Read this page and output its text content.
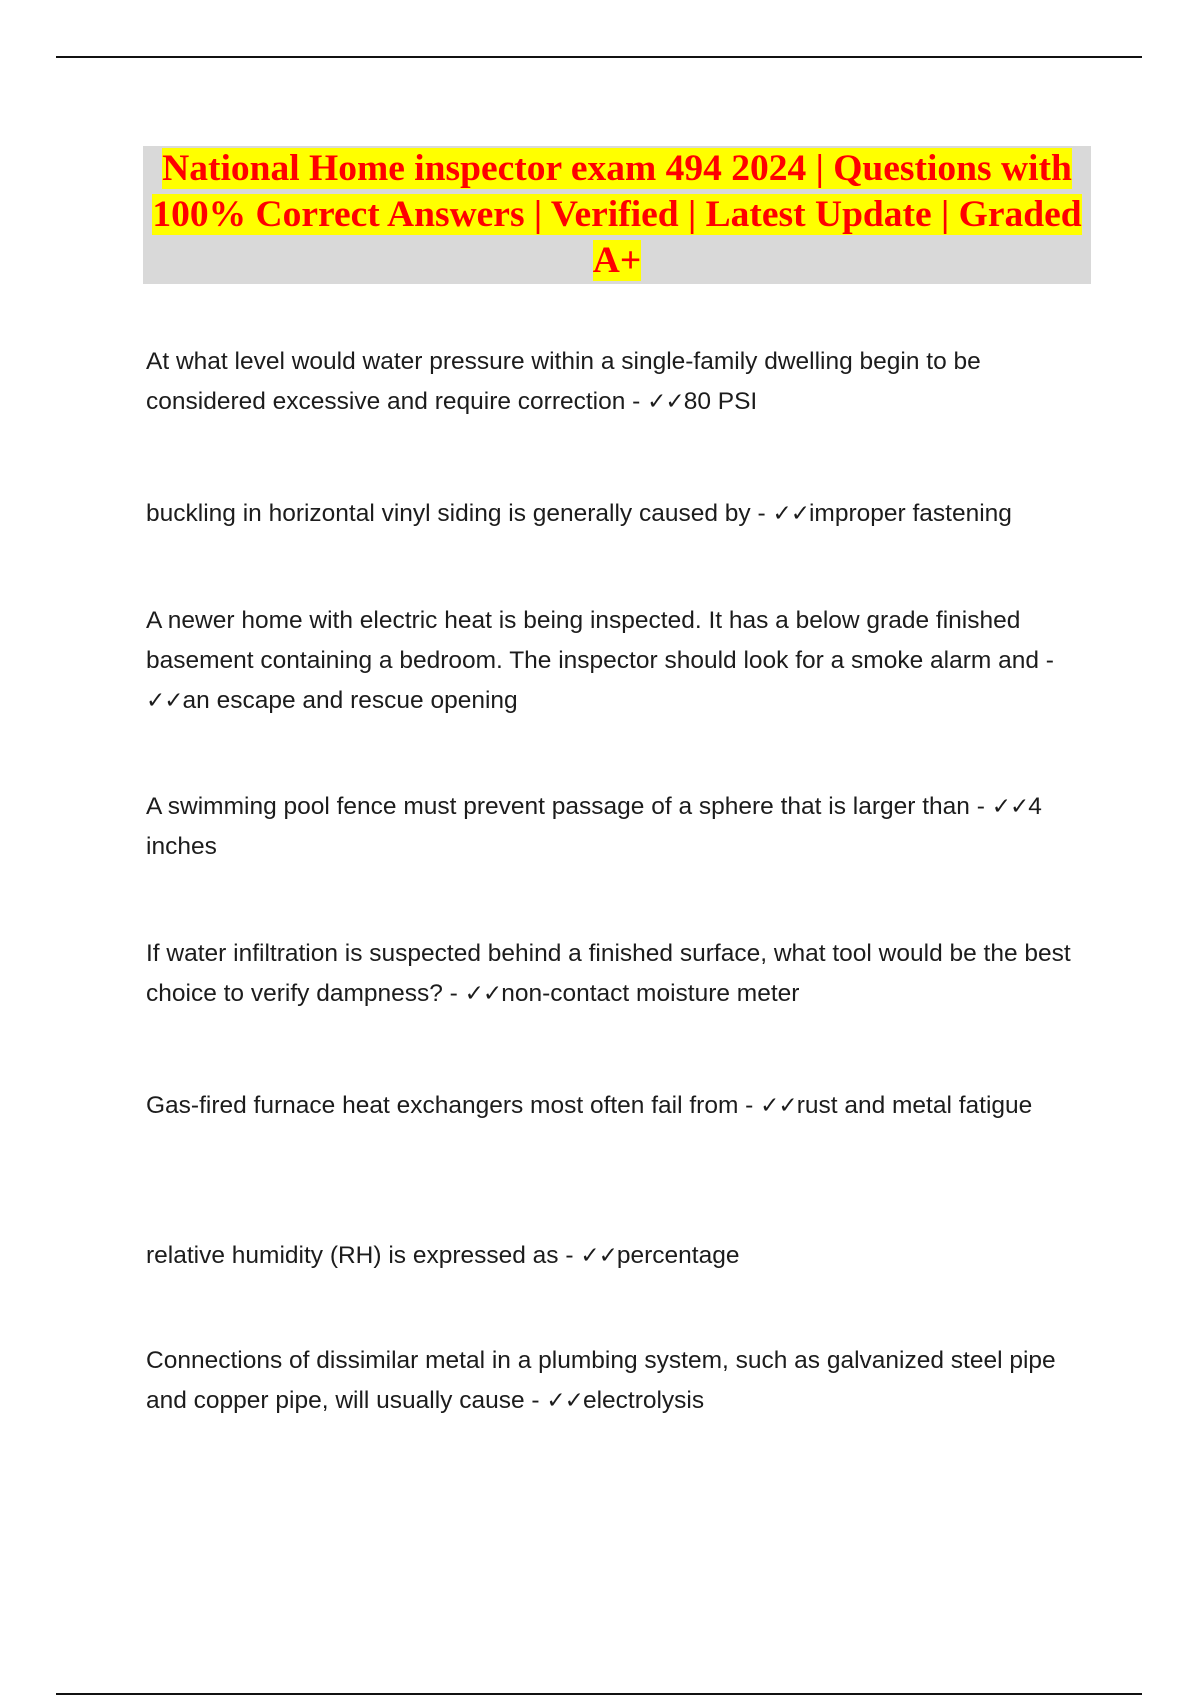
National Home inspector exam 494 2024 | Questions with 100% Correct Answers | Verified | Latest Update | Graded A+

At what level would water pressure within a single-family dwelling begin to be considered excessive and require correction - ✓✓80 PSI

buckling in horizontal vinyl siding is generally caused by - ✓✓improper fastening

A newer home with electric heat is being inspected. It has a below grade finished basement containing a bedroom. The inspector should look for a smoke alarm and - ✓✓an escape and rescue opening

A swimming pool fence must prevent passage of a sphere that is larger than - ✓✓4 inches

If water infiltration is suspected behind a finished surface, what tool would be the best choice to verify dampness? - ✓✓non-contact moisture meter

Gas-fired furnace heat exchangers most often fail from - ✓✓rust and metal fatigue

relative humidity (RH) is expressed as - ✓✓percentage

Connections of dissimilar metal in a plumbing system, such as galvanized steel pipe and copper pipe, will usually cause - ✓✓electrolysis
